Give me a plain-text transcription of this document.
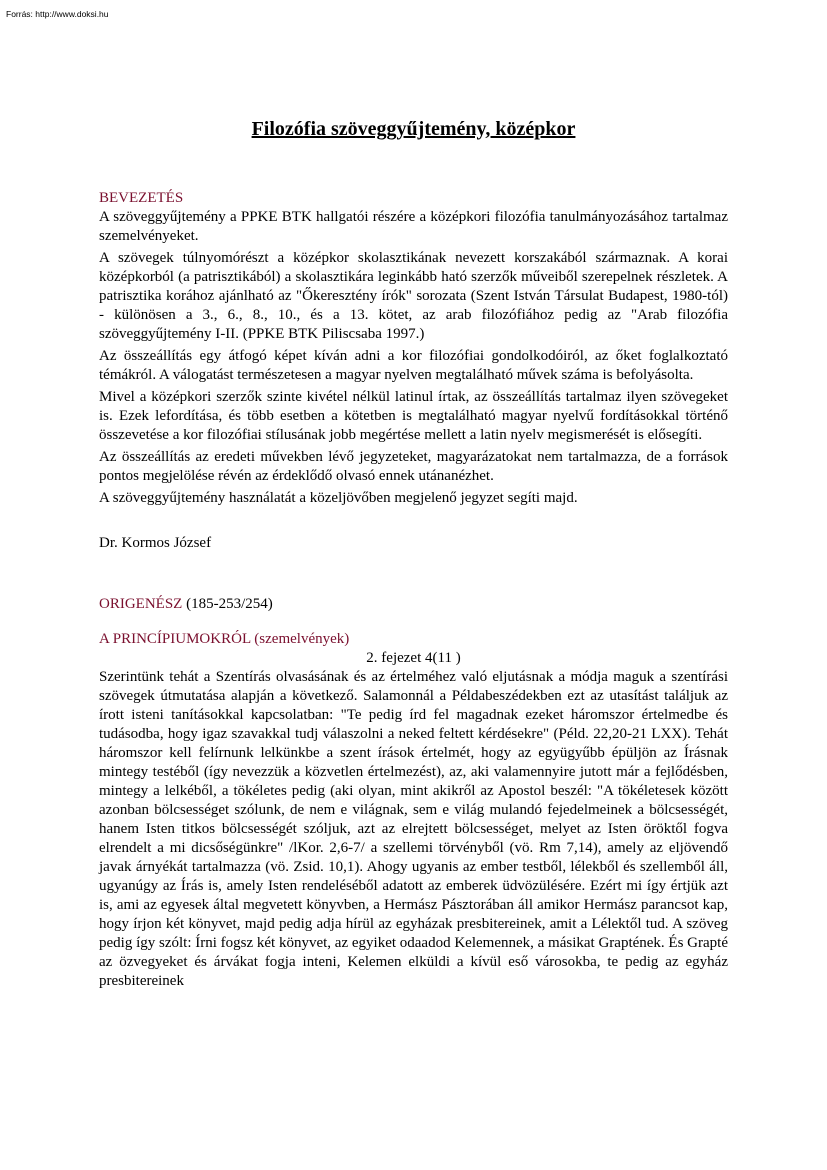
Forrás: http://www.doksi.hu
Filozófia szöveggyűjtemény, középkor
BEVEZETÉS

A szöveggyűjtemény a PPKE BTK hallgatói részére a középkori filozófia tanulmányozásához tartalmaz szemelvényeket.

A szövegek túlnyomórészt a középkor skolasztikának nevezett korszakából származnak. A korai középkorból (a patrisztikából) a skolasztikára leginkább ható szerzők műveiből szerepelnek részletek. A patrisztika korához ajánlható az "Őkeresztény írók" sorozata (Szent István Társulat Budapest, 1980-tól) - különösen a 3., 6., 8., 10., és a 13. kötet, az arab filozófiához pedig az "Arab filozófia szöveggyűjtemény I-II. (PPKE BTK Piliscsaba 1997.)

Az összeállítás egy átfogó képet kíván adni a kor filozófiai gondolkodóiról, az őket foglalkoztató témákról. A válogatást természetesen a magyar nyelven megtalálható művek száma is befolyásolta.

Mivel a középkori szerzők szinte kivétel nélkül latinul írtak, az összeállítás tartalmaz ilyen szövegeket is. Ezek lefordítása, és több esetben a kötetben is megtalálható magyar nyelvű fordításokkal történő összevetése a kor filozófiai stílusának jobb megértése mellett a latin nyelv megismerését is elősegíti.

Az összeállítás az eredeti művekben lévő jegyzeteket, magyarázatokat nem tartalmazza, de a források pontos megjelölése révén az érdeklődő olvasó ennek utánanézhet.

A szöveggyűjtemény használatát a közeljövőben megjelenő jegyzet segíti majd.

Dr. Kormos József

ORIGENÉSZ (185-253/254)
A PRINCÍPIUMOKRÓL (szemelvények)

2. fejezet 4(11 )

Szerintünk tehát a Szentírás olvasásának és az értelméhez való eljutásnak a módja maguk a szentírási szövegek útmutatása alapján a következő. Salamonnál a Példabeszédekben ezt az utasítást találjuk az írott isteni tanításokkal kapcsolatban: "Te pedig írd fel magadnak ezeket háromszor értelmedbe és tudásodba, hogy igaz szavakkal tudj válaszolni a neked feltett kérdésekre" (Péld. 22,20-21 LXX). Tehát háromszor kell felírnunk lelkünkbe a szent írások értelmét, hogy az együgyűbb épüljön az Írásnak mintegy testéből (így nevezzük a közvetlen értelmezést), az, aki valamennyire jutott már a fejlődésben, mintegy a lelkéből, a tökéletes pedig (aki olyan, mint akikről az Apostol beszél: "A tökéletesek között azonban bölcsességet szólunk, de nem e világnak, sem e világ mulandó fejedelmeinek a bölcsességét, hanem Isten titkos bölcsességét szóljuk, azt az elrejtett bölcsességet, melyet az Isten öröktől fogva elrendelt a mi dicsőségünkre" /lKor. 2,6-7/ a szellemi törvényből (vö. Rm 7,14), amely az eljövendő javak árnyékát tartalmazza (vö. Zsid. 10,1). Ahogy ugyanis az ember testből, lélekből és szellemből áll, ugyanúgy az Írás is, amely Isten rendeléséből adatott az emberek üdvözülésére. Ezért mi így értjük azt is, ami az egyesek által megvetett könyvben, a Hermász Pásztorában áll amikor Hermász parancsot kap, hogy írjon két könyvet, majd pedig adja hírül az egyházak presbitereinek, amit a Lélektől tud. A szöveg pedig így szólt: Írni fogsz két könyvet, az egyiket odaadod Kelemennek, a másikat Graptének. És Grapté az özvegyeket és árvákat fogja inteni, Kelemen elküldi a kívül eső városokba, te pedig az egyház presbitereinek
